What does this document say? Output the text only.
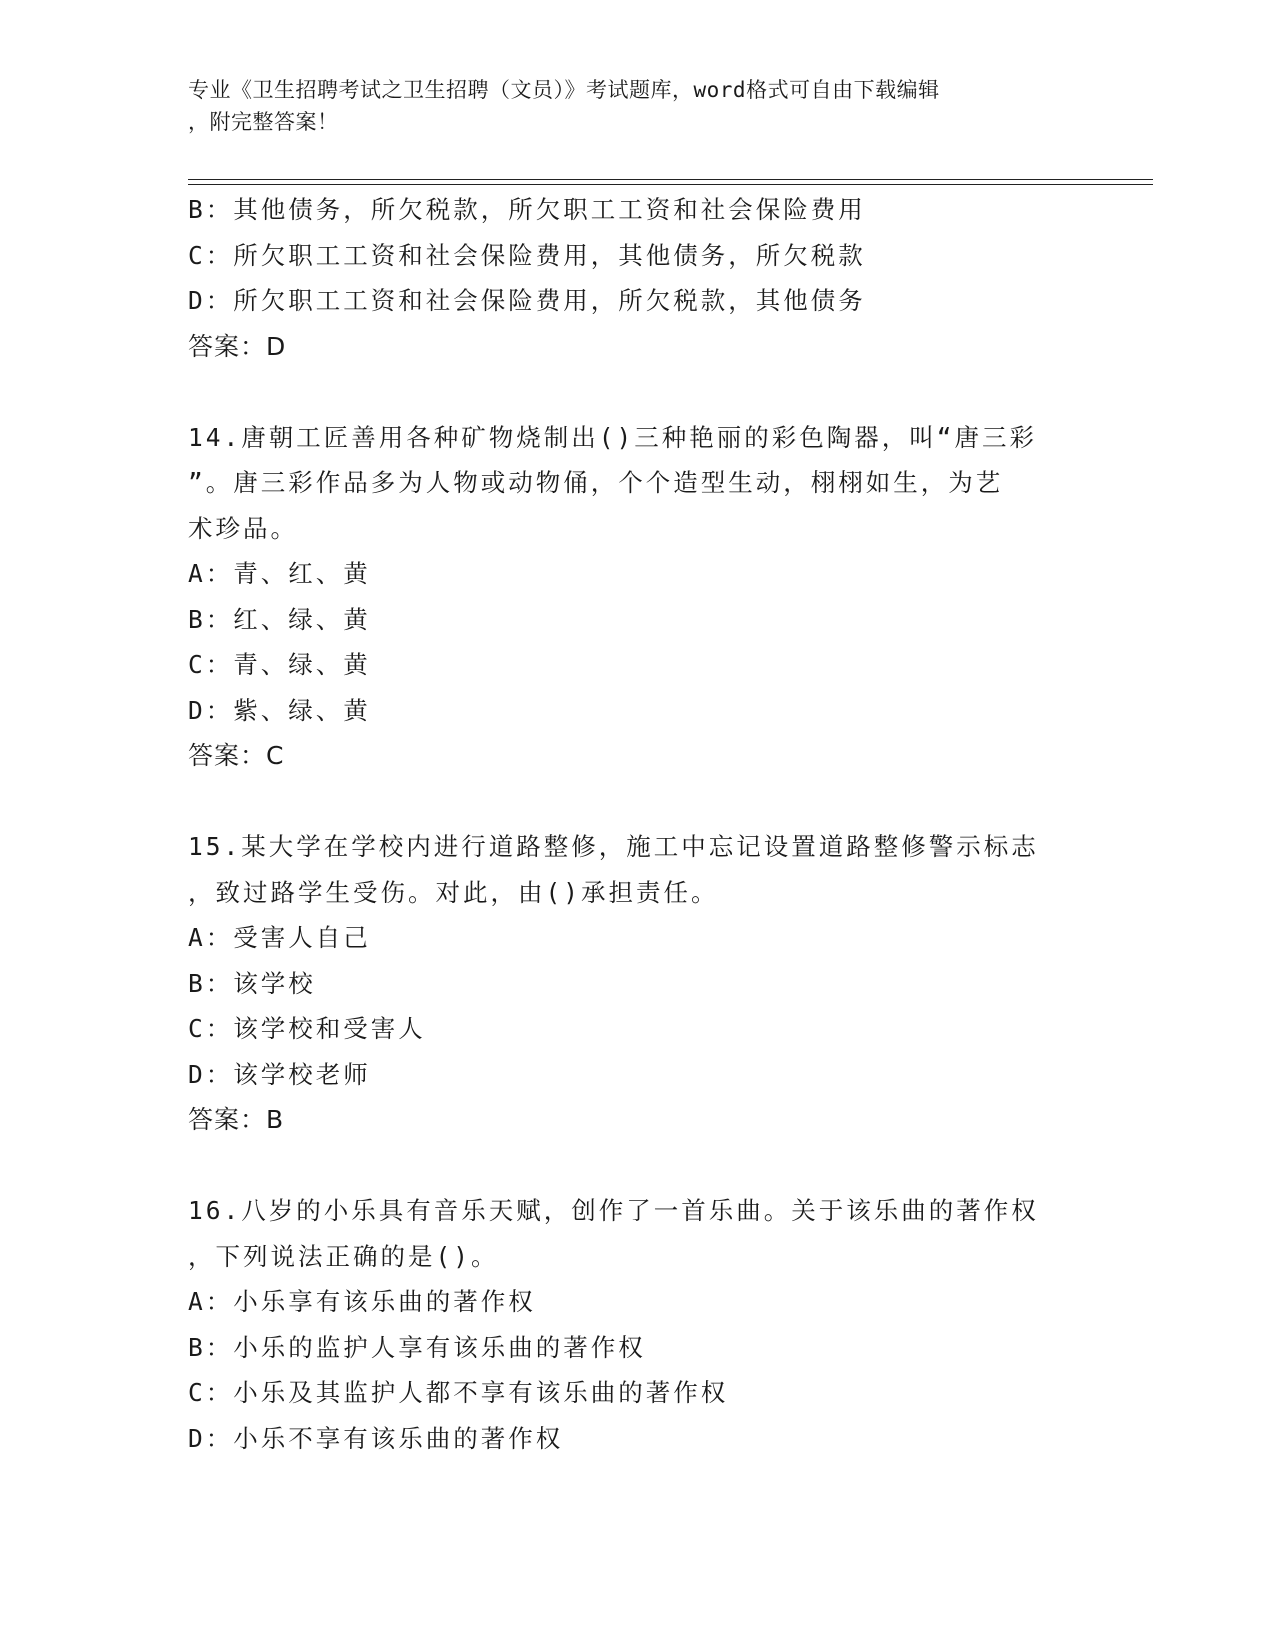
专业《卫生招聘考试之卫生招聘（文员）》考试题库，word格式可自由下载编辑
，附完整答案！
B：其他债务，所欠税款，所欠职工工资和社会保险费用
C：所欠职工工资和社会保险费用，其他债务，所欠税款
D：所欠职工工资和社会保险费用，所欠税款，其他债务
答案：D
14.唐朝工匠善用各种矿物烧制出()三种艳丽的彩色陶器，叫“唐三彩
”。唐三彩作品多为人物或动物俑，个个造型生动，栩栩如生，为艺
术珍品。
A：青、红、黄
B：红、绿、黄
C：青、绿、黄
D：紫、绿、黄
答案：C
15.某大学在学校内进行道路整修，施工中忘记设置道路整修警示标志
，致过路学生受伤。对此，由()承担责任。
A：受害人自己
B：该学校
C：该学校和受害人
D：该学校老师
答案：B
16.八岁的小乐具有音乐天赋，创作了一首乐曲。关于该乐曲的著作权
，下列说法正确的是()。
A：小乐享有该乐曲的著作权
B：小乐的监护人享有该乐曲的著作权
C：小乐及其监护人都不享有该乐曲的著作权
D：小乐不享有该乐曲的著作权
